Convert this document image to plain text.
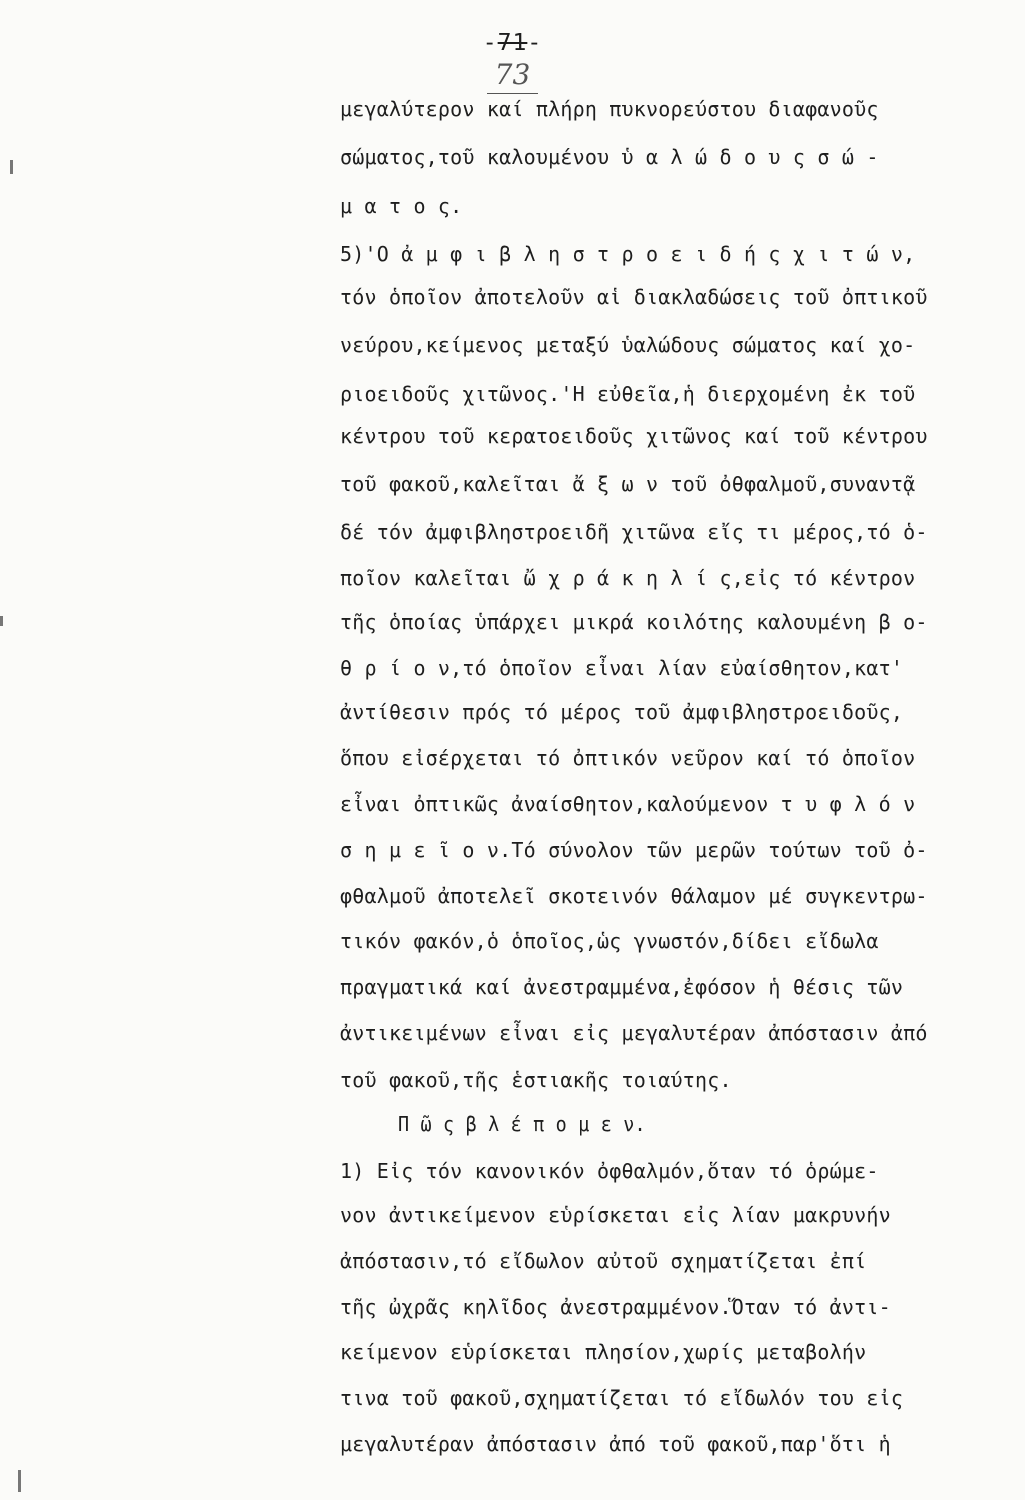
-71-
73
μεγαλύτερον καί πλήρη πυκνορεύστου διαφανοῦς
σώματος,τοῦ καλουμένου ὑ α λ ώ δ ο υ ς σ ώ -
μ α τ ο ς.
5)'Ο ἀ μ φ ι β λ η σ τ ρ ο ε ι δ ή ς χ ι τ ώ ν,
τόν ὁποῖον ἀποτελοῦν αἱ διακλαδώσεις τοῦ ὀπτικοῦ
νεύρου,κείμενος μεταξύ ὑαλώδους σώματος καί χο-
ριοειδοῦς χιτῶνος.'Η εὐθεῖα,ἡ διερχομένη ἐκ τοῦ
κέντρου τοῦ κερατοειδοῦς χιτῶνος καί τοῦ κέντρου
τοῦ φακοῦ,καλεῖται ἄ ξ ω ν τοῦ ὀθφαλμοῦ,συναντᾷ
δέ τόν ἀμφιβληστροειδῆ χιτῶνα εἴς τι μέρος,τό ὁ-
ποῖον καλεῖται ὤ χ ρ ά κ η λ ί ς,εἰς τό κέντρον
τῆς ὁποίας ὑπάρχει μικρά κοιλότης καλουμένη β ο-
θ ρ ί ο ν,τό ὁποῖον εἶναι λίαν εὐαίσθητον,κατ'
ἀντίθεσιν πρός τό μέρος τοῦ ἀμφιβληστροειδοῦς,
ὅπου εἰσέρχεται τό ὀπτικόν νεῦρον καί τό ὁποῖον
εἶναι ὀπτικῶς ἀναίσθητον,καλούμενον τ υ φ λ ό ν
σ η μ ε ῖ ο ν.Τό σύνολον τῶν μερῶν τούτων τοῦ ὀ-
φθαλμοῦ ἀποτελεῖ σκοτεινόν θάλαμον μέ συγκεντρω-
τικόν φακόν,ὁ ὁποῖος,ὡς γνωστόν,δίδει εἴδωλα
πραγματικά καί ἀνεστραμμένα,ἐφόσον ἡ θέσις τῶν
ἀντικειμένων εἶναι εἰς μεγαλυτέραν ἀπόστασιν ἀπό
τοῦ φακοῦ,τῆς ἑστιακῆς τοιαύτης.
Π ῶ ς β λ έ π ο μ ε ν.
1) Εἰς τόν κανονικόν ὀφθαλμόν,ὅταν τό ὁρώμε-
νον ἀντικείμενον εὑρίσκεται εἰς λίαν μακρυνήν
ἀπόστασιν,τό εἴδωλον αὐτοῦ σχηματίζεται ἐπί
τῆς ὠχρᾶς κηλῖδος ἀνεστραμμένον.Ὅταν τό ἀντι-
κείμενον εὑρίσκεται πλησίον,χωρίς μεταβολήν
τινα τοῦ φακοῦ,σχηματίζεται τό εἴδωλόν του εἰς
μεγαλυτέραν ἀπόστασιν ἀπό τοῦ φακοῦ,παρ'ὅτι ἡ
